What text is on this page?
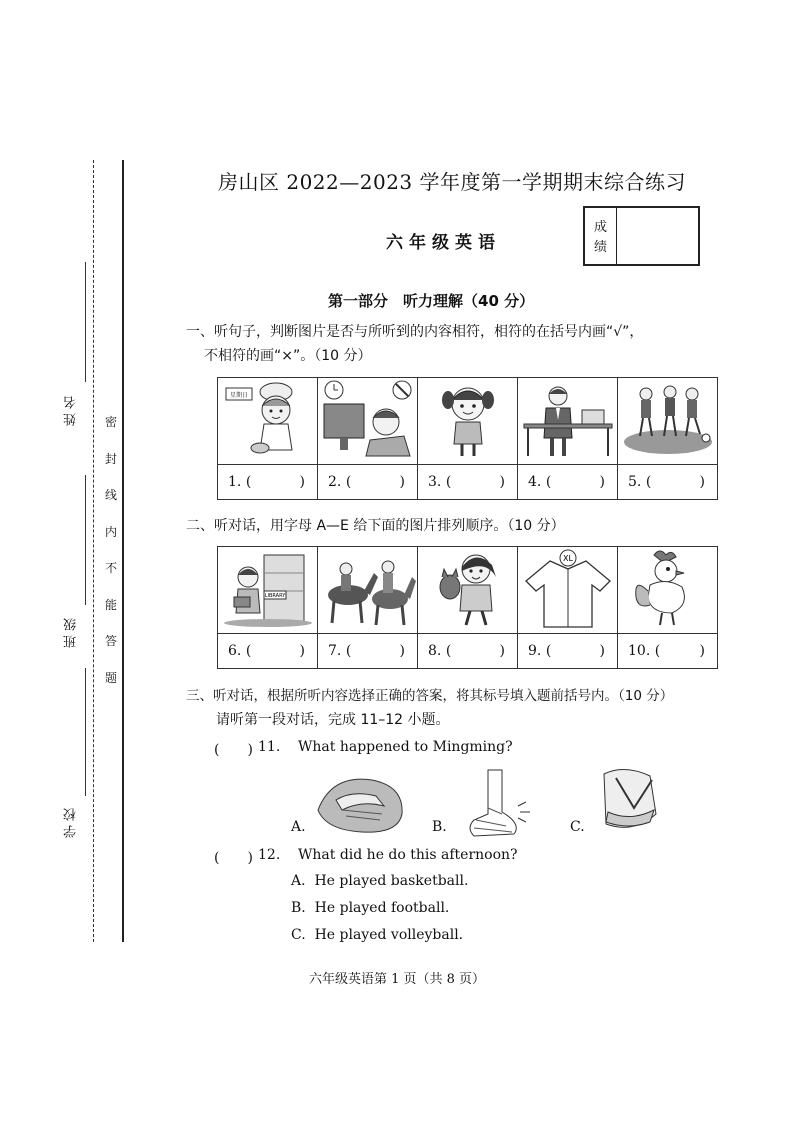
姓名
班级
学校
密
封
线
内
不
能
答
题
房山区 2022—2023 学年度第一学期期末综合练习
六年级英语
成
绩
第一部分　听力理解（40 分）
一、听句子，判断图片是否与所听到的内容相符，相符的在括号内画“√”，
不相符的画“×”。（10 分）
星期日

1. ( )	2. ( )	3. ( )	4. ( )	5. ( )
二、听对话，用字母 A—E 给下面的图片排列顺序。（10 分）
LIBRARY			XL

6. ( )	7. ( )	8. ( )	9. ( )	10. ( )
三、听对话，根据所听内容选择正确的答案，将其标号填入题前括号内。（10 分）
请听第一段对话，完成 11–12 小题。
(　　) 11. What happened to Mingming?
A.	B.	C.
(　　) 12. What did he do this afternoon?
A. He played basketball.
B. He played football.
C. He played volleyball.
六年级英语第 1 页（共 8 页）
